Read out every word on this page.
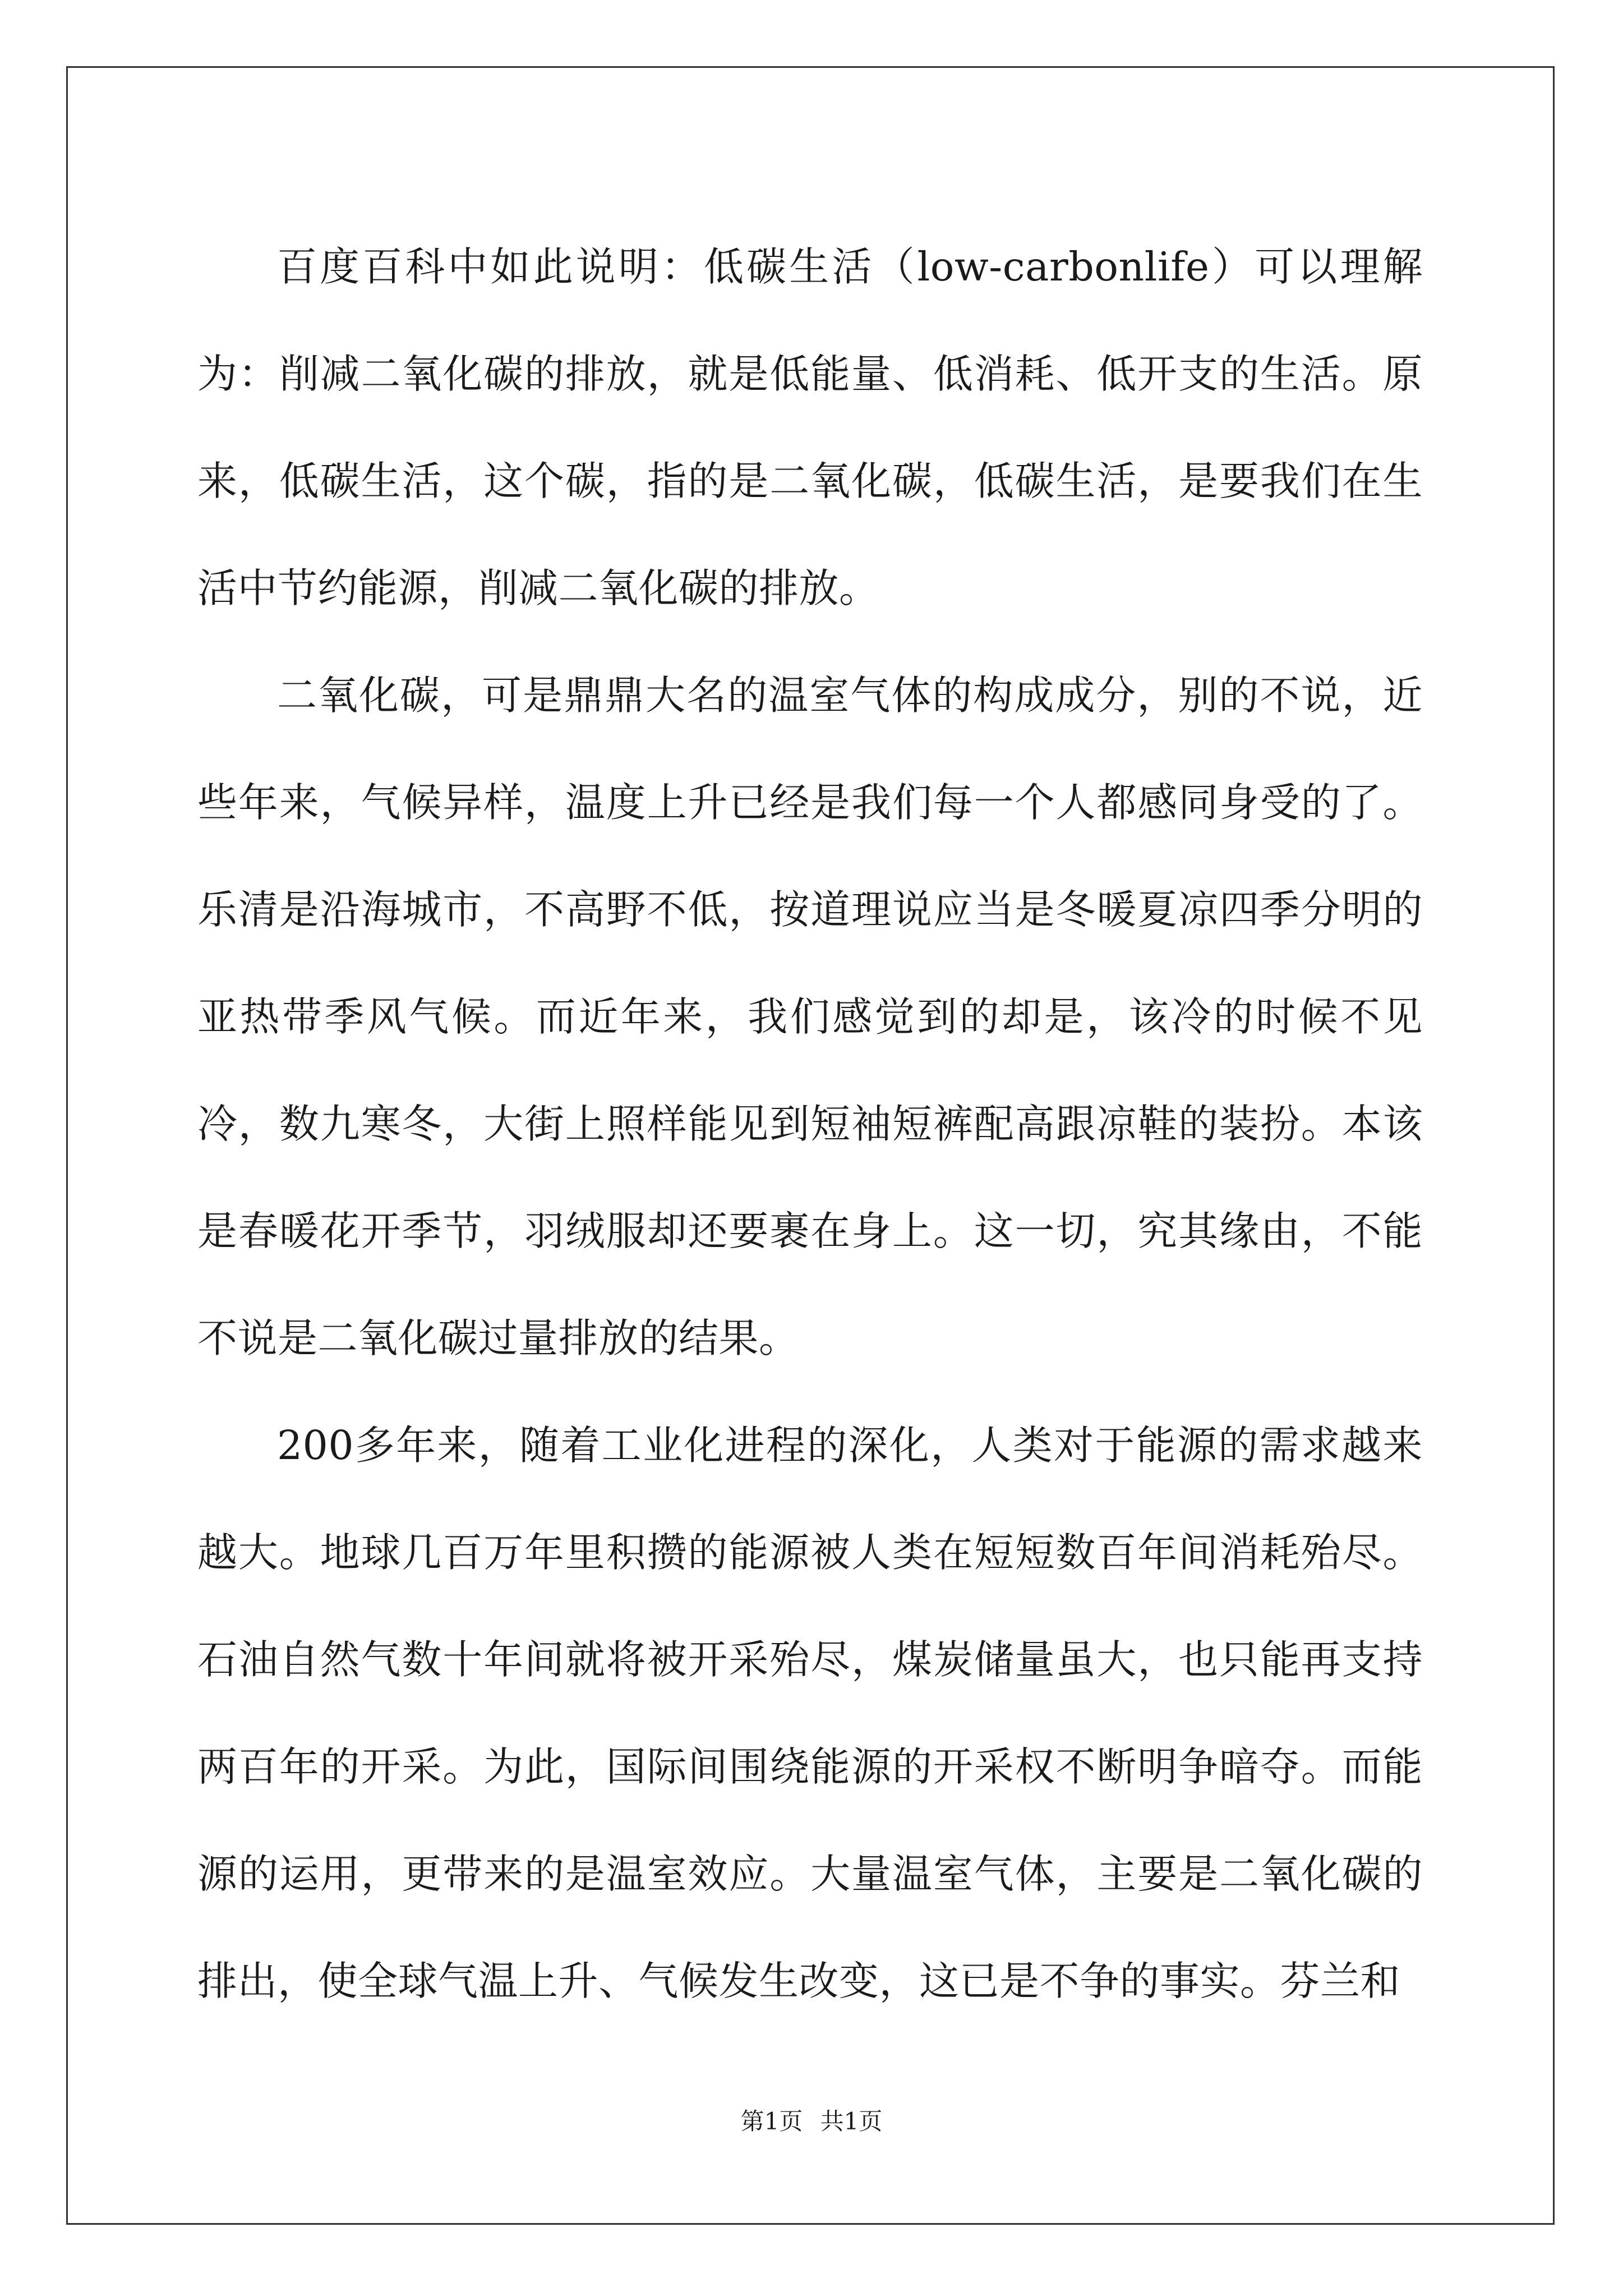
百度百科中如此说明：低碳生活（low-carbonlife）可以理解为：削减二氧化碳的排放，就是低能量、低消耗、低开支的生活。原来，低碳生活，这个碳，指的是二氧化碳，低碳生活，是要我们在生活中节约能源，削减二氧化碳的排放。

二氧化碳，可是鼎鼎大名的温室气体的构成成分，别的不说，近些年来，气候异样，温度上升已经是我们每一个人都感同身受的了。乐清是沿海城市，不高野不低，按道理说应当是冬暖夏凉四季分明的亚热带季风气候。而近年来，我们感觉到的却是，该冷的时候不见冷，数九寒冬，大街上照样能见到短袖短裤配高跟凉鞋的装扮。本该是春暖花开季节，羽绒服却还要裹在身上。这一切，究其缘由，不能不说是二氧化碳过量排放的结果。

200多年来，随着工业化进程的深化，人类对于能源的需求越来越大。地球几百万年里积攒的能源被人类在短短数百年间消耗殆尽。石油自然气数十年间就将被开采殆尽，煤炭储量虽大，也只能再支持两百年的开采。为此，国际间围绕能源的开采权不断明争暗夺。而能源的运用，更带来的是温室效应。大量温室气体，主要是二氧化碳的排出，使全球气温上升、气候发生改变，这已是不争的事实。芬兰和

第1页 共1页
